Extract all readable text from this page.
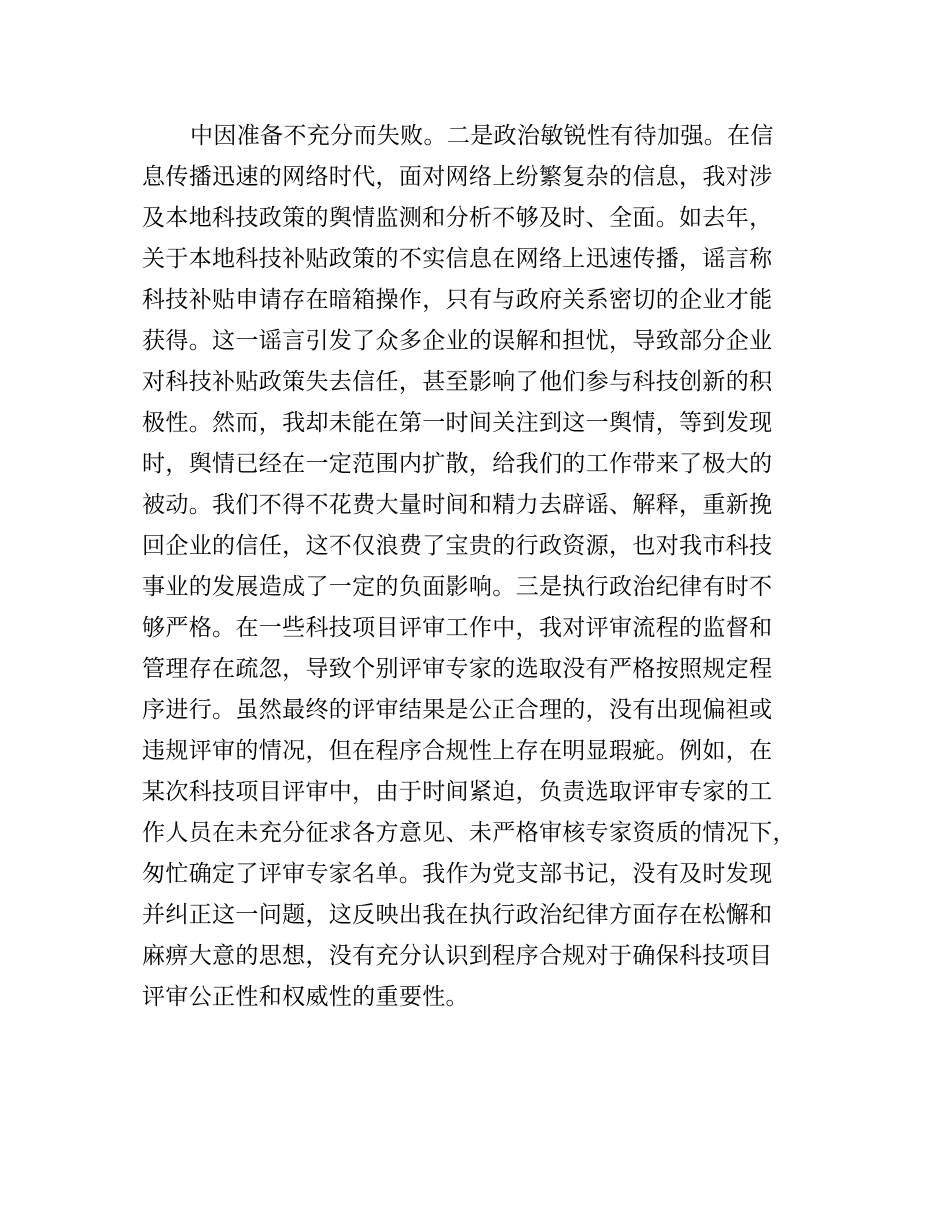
中因准备不充分而失败。二是政治敏锐性有待加强。在信
息传播迅速的网络时代，面对网络上纷繁复杂的信息，我对涉
及本地科技政策的舆情监测和分析不够及时、全面。如去年，
关于本地科技补贴政策的不实信息在网络上迅速传播，谣言称
科技补贴申请存在暗箱操作，只有与政府关系密切的企业才能
获得。这一谣言引发了众多企业的误解和担忧，导致部分企业
对科技补贴政策失去信任，甚至影响了他们参与科技创新的积
极性。然而，我却未能在第一时间关注到这一舆情，等到发现
时，舆情已经在一定范围内扩散，给我们的工作带来了极大的
被动。我们不得不花费大量时间和精力去辟谣、解释，重新挽
回企业的信任，这不仅浪费了宝贵的行政资源，也对我市科技
事业的发展造成了一定的负面影响。三是执行政治纪律有时不
够严格。在一些科技项目评审工作中，我对评审流程的监督和
管理存在疏忽，导致个别评审专家的选取没有严格按照规定程
序进行。虽然最终的评审结果是公正合理的，没有出现偏袒或
违规评审的情况，但在程序合规性上存在明显瑕疵。例如，在
某次科技项目评审中，由于时间紧迫，负责选取评审专家的工
作人员在未充分征求各方意见、未严格审核专家资质的情况下，
匆忙确定了评审专家名单。我作为党支部书记，没有及时发现
并纠正这一问题，这反映出我在执行政治纪律方面存在松懈和
麻痹大意的思想，没有充分认识到程序合规对于确保科技项目
评审公正性和权威性的重要性。
